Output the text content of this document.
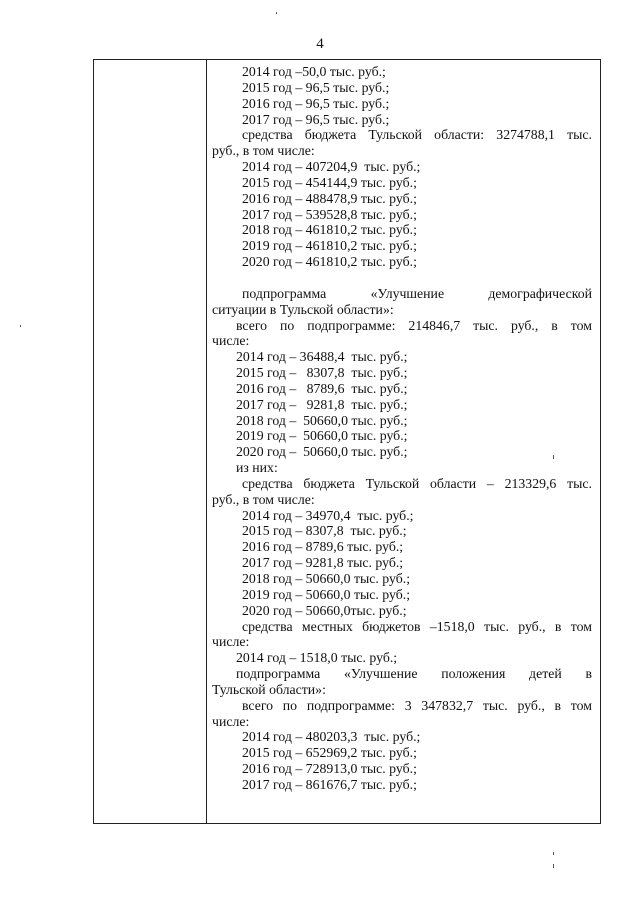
4
2014 год –50,0 тыс. руб.;
2015 год – 96,5 тыс. руб.;
2016 год – 96,5 тыс. руб.;
2017 год – 96,5 тыс. руб.;
средства бюджета Тульской области: 3274788,1 тыс.
руб., в том числе:
2014 год – 407204,9  тыс. руб.;
2015 год – 454144,9 тыс. руб.;
2016 год – 488478,9 тыс. руб.;
2017 год – 539528,8 тыс. руб.;
2018 год – 461810,2 тыс. руб.;
2019 год – 461810,2 тыс. руб.;
2020 год – 461810,2 тыс. руб.;
подпрограмма «Улучшение демографической
ситуации в Тульской области»:
всего по подпрограмме: 214846,7 тыс. руб., в том
числе:
2014 год – 36488,4  тыс. руб.;
2015 год –   8307,8  тыс. руб.;
2016 год –   8789,6  тыс. руб.;
2017 год –   9281,8  тыс. руб.;
2018 год –  50660,0 тыс. руб.;
2019 год –  50660,0 тыс. руб.;
2020 год –  50660,0 тыс. руб.;
из них:
средства бюджета Тульской области – 213329,6 тыс.
руб., в том числе:
2014 год – 34970,4  тыс. руб.;
2015 год – 8307,8  тыс. руб.;
2016 год – 8789,6 тыс. руб.;
2017 год – 9281,8 тыс. руб.;
2018 год – 50660,0 тыс. руб.;
2019 год – 50660,0 тыс. руб.;
2020 год – 50660,0тыс. руб.;
средства местных бюджетов –1518,0 тыс. руб., в том
числе:
2014 год – 1518,0 тыс. руб.;
подпрограмма «Улучшение положения детей в
Тульской области»:
всего по подпрограмме: 3 347832,7 тыс. руб., в том
числе:
2014 год – 480203,3  тыс. руб.;
2015 год – 652969,2 тыс. руб.;
2016 год – 728913,0 тыс. руб.;
2017 год – 861676,7 тыс. руб.;
